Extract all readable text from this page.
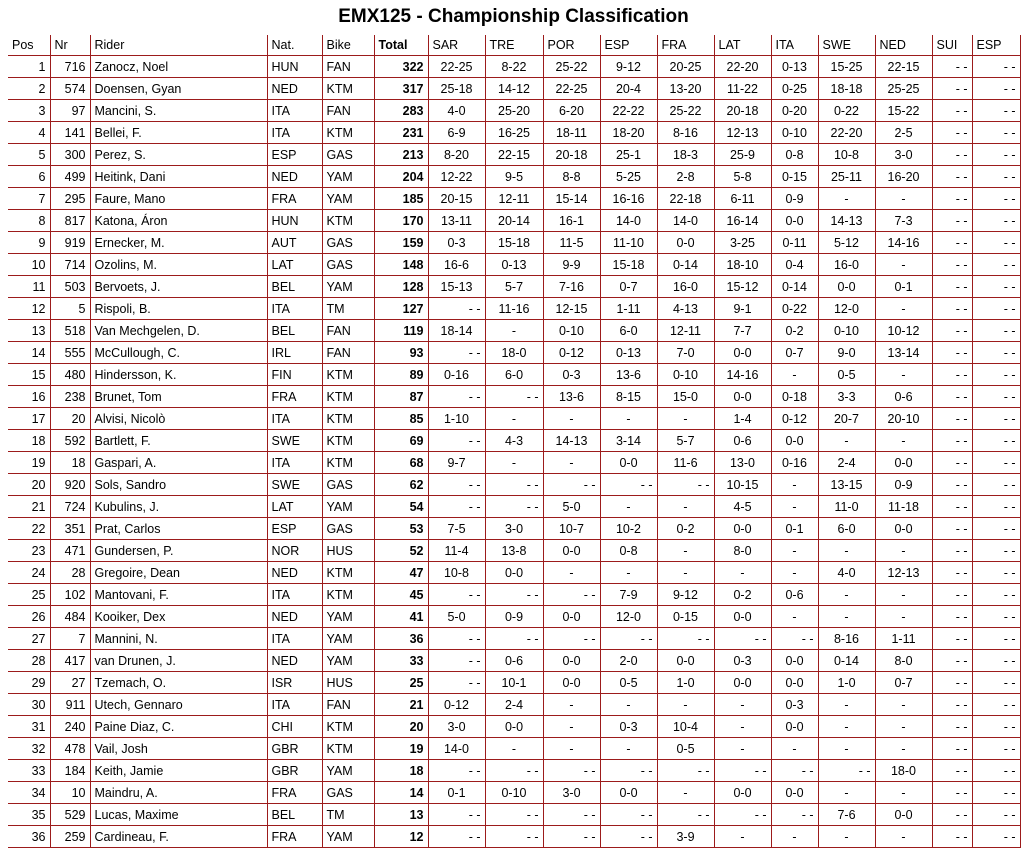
EMX125 - Championship Classification
Pos	Nr	Rider	Nat.	Bike	Total	SAR	TRE	POR	ESP	FRA	LAT	ITA	SWE	NED	SUI	ESP
1	716	Zanocz, Noel	HUN	FAN	322	22-25	8-22	25-22	9-12	20-25	22-20	0-13	15-25	22-15	- -	- -
2	574	Doensen, Gyan	NED	KTM	317	25-18	14-12	22-25	20-4	13-20	11-22	0-25	18-18	25-25	- -	- -
3	97	Mancini, S.	ITA	FAN	283	4-0	25-20	6-20	22-22	25-22	20-18	0-20	0-22	15-22	- -	- -
4	141	Bellei, F.	ITA	KTM	231	6-9	16-25	18-11	18-20	8-16	12-13	0-10	22-20	2-5	- -	- -
5	300	Perez, S.	ESP	GAS	213	8-20	22-15	20-18	25-1	18-3	25-9	0-8	10-8	3-0	- -	- -
6	499	Heitink, Dani	NED	YAM	204	12-22	9-5	8-8	5-25	2-8	5-8	0-15	25-11	16-20	- -	- -
7	295	Faure, Mano	FRA	YAM	185	20-15	12-11	15-14	16-16	22-18	6-11	0-9	-	-	- -	- -
8	817	Katona, Áron	HUN	KTM	170	13-11	20-14	16-1	14-0	14-0	16-14	0-0	14-13	7-3	- -	- -
9	919	Ernecker, M.	AUT	GAS	159	0-3	15-18	11-5	11-10	0-0	3-25	0-11	5-12	14-16	- -	- -
10	714	Ozolins, M.	LAT	GAS	148	16-6	0-13	9-9	15-18	0-14	18-10	0-4	16-0	-	- -	- -
11	503	Bervoets, J.	BEL	YAM	128	15-13	5-7	7-16	0-7	16-0	15-12	0-14	0-0	0-1	- -	- -
12	5	Rispoli, B.	ITA	TM	127	- -	11-16	12-15	1-11	4-13	9-1	0-22	12-0	-	- -	- -
13	518	Van Mechgelen, D.	BEL	FAN	119	18-14	-	0-10	6-0	12-11	7-7	0-2	0-10	10-12	- -	- -
14	555	McCullough, C.	IRL	FAN	93	- -	18-0	0-12	0-13	7-0	0-0	0-7	9-0	13-14	- -	- -
15	480	Hindersson, K.	FIN	KTM	89	0-16	6-0	0-3	13-6	0-10	14-16	-	0-5	-	- -	- -
16	238	Brunet, Tom	FRA	KTM	87	- -	- -	13-6	8-15	15-0	0-0	0-18	3-3	0-6	- -	- -
17	20	Alvisi, Nicolò	ITA	KTM	85	1-10	-	-	-	-	1-4	0-12	20-7	20-10	- -	- -
18	592	Bartlett, F.	SWE	KTM	69	- -	4-3	14-13	3-14	5-7	0-6	0-0	-	-	- -	- -
19	18	Gaspari, A.	ITA	KTM	68	9-7	-	-	0-0	11-6	13-0	0-16	2-4	0-0	- -	- -
20	920	Sols, Sandro	SWE	GAS	62	- -	- -	- -	- -	- -	10-15	-	13-15	0-9	- -	- -
21	724	Kubulins, J.	LAT	YAM	54	- -	- -	5-0	-	-	4-5	-	11-0	11-18	- -	- -
22	351	Prat, Carlos	ESP	GAS	53	7-5	3-0	10-7	10-2	0-2	0-0	0-1	6-0	0-0	- -	- -
23	471	Gundersen, P.	NOR	HUS	52	11-4	13-8	0-0	0-8	-	8-0	-	-	-	- -	- -
24	28	Gregoire, Dean	NED	KTM	47	10-8	0-0	-	-	-	-	-	4-0	12-13	- -	- -
25	102	Mantovani, F.	ITA	KTM	45	- -	- -	- -	7-9	9-12	0-2	0-6	-	-	- -	- -
26	484	Kooiker, Dex	NED	YAM	41	5-0	0-9	0-0	12-0	0-15	0-0	-	-	-	- -	- -
27	7	Mannini, N.	ITA	YAM	36	- -	- -	- -	- -	- -	- -	- -	8-16	1-11	- -	- -
28	417	van Drunen, J.	NED	YAM	33	- -	0-6	0-0	2-0	0-0	0-3	0-0	0-14	8-0	- -	- -
29	27	Tzemach, O.	ISR	HUS	25	- -	10-1	0-0	0-5	1-0	0-0	0-0	1-0	0-7	- -	- -
30	911	Utech, Gennaro	ITA	FAN	21	0-12	2-4	-	-	-	-	0-3	-	-	- -	- -
31	240	Paine Diaz, C.	CHI	KTM	20	3-0	0-0	-	0-3	10-4	-	0-0	-	-	- -	- -
32	478	Vail, Josh	GBR	KTM	19	14-0	-	-	-	0-5	-	-	-	-	- -	- -
33	184	Keith, Jamie	GBR	YAM	18	- -	- -	- -	- -	- -	- -	- -	- -	18-0	- -	- -
34	10	Maindru, A.	FRA	GAS	14	0-1	0-10	3-0	0-0	-	0-0	0-0	-	-	- -	- -
35	529	Lucas, Maxime	BEL	TM	13	- -	- -	- -	- -	- -	- -	- -	7-6	0-0	- -	- -
36	259	Cardineau, F.	FRA	YAM	12	- -	- -	- -	- -	3-9	-	-	-	-	- -	- -
